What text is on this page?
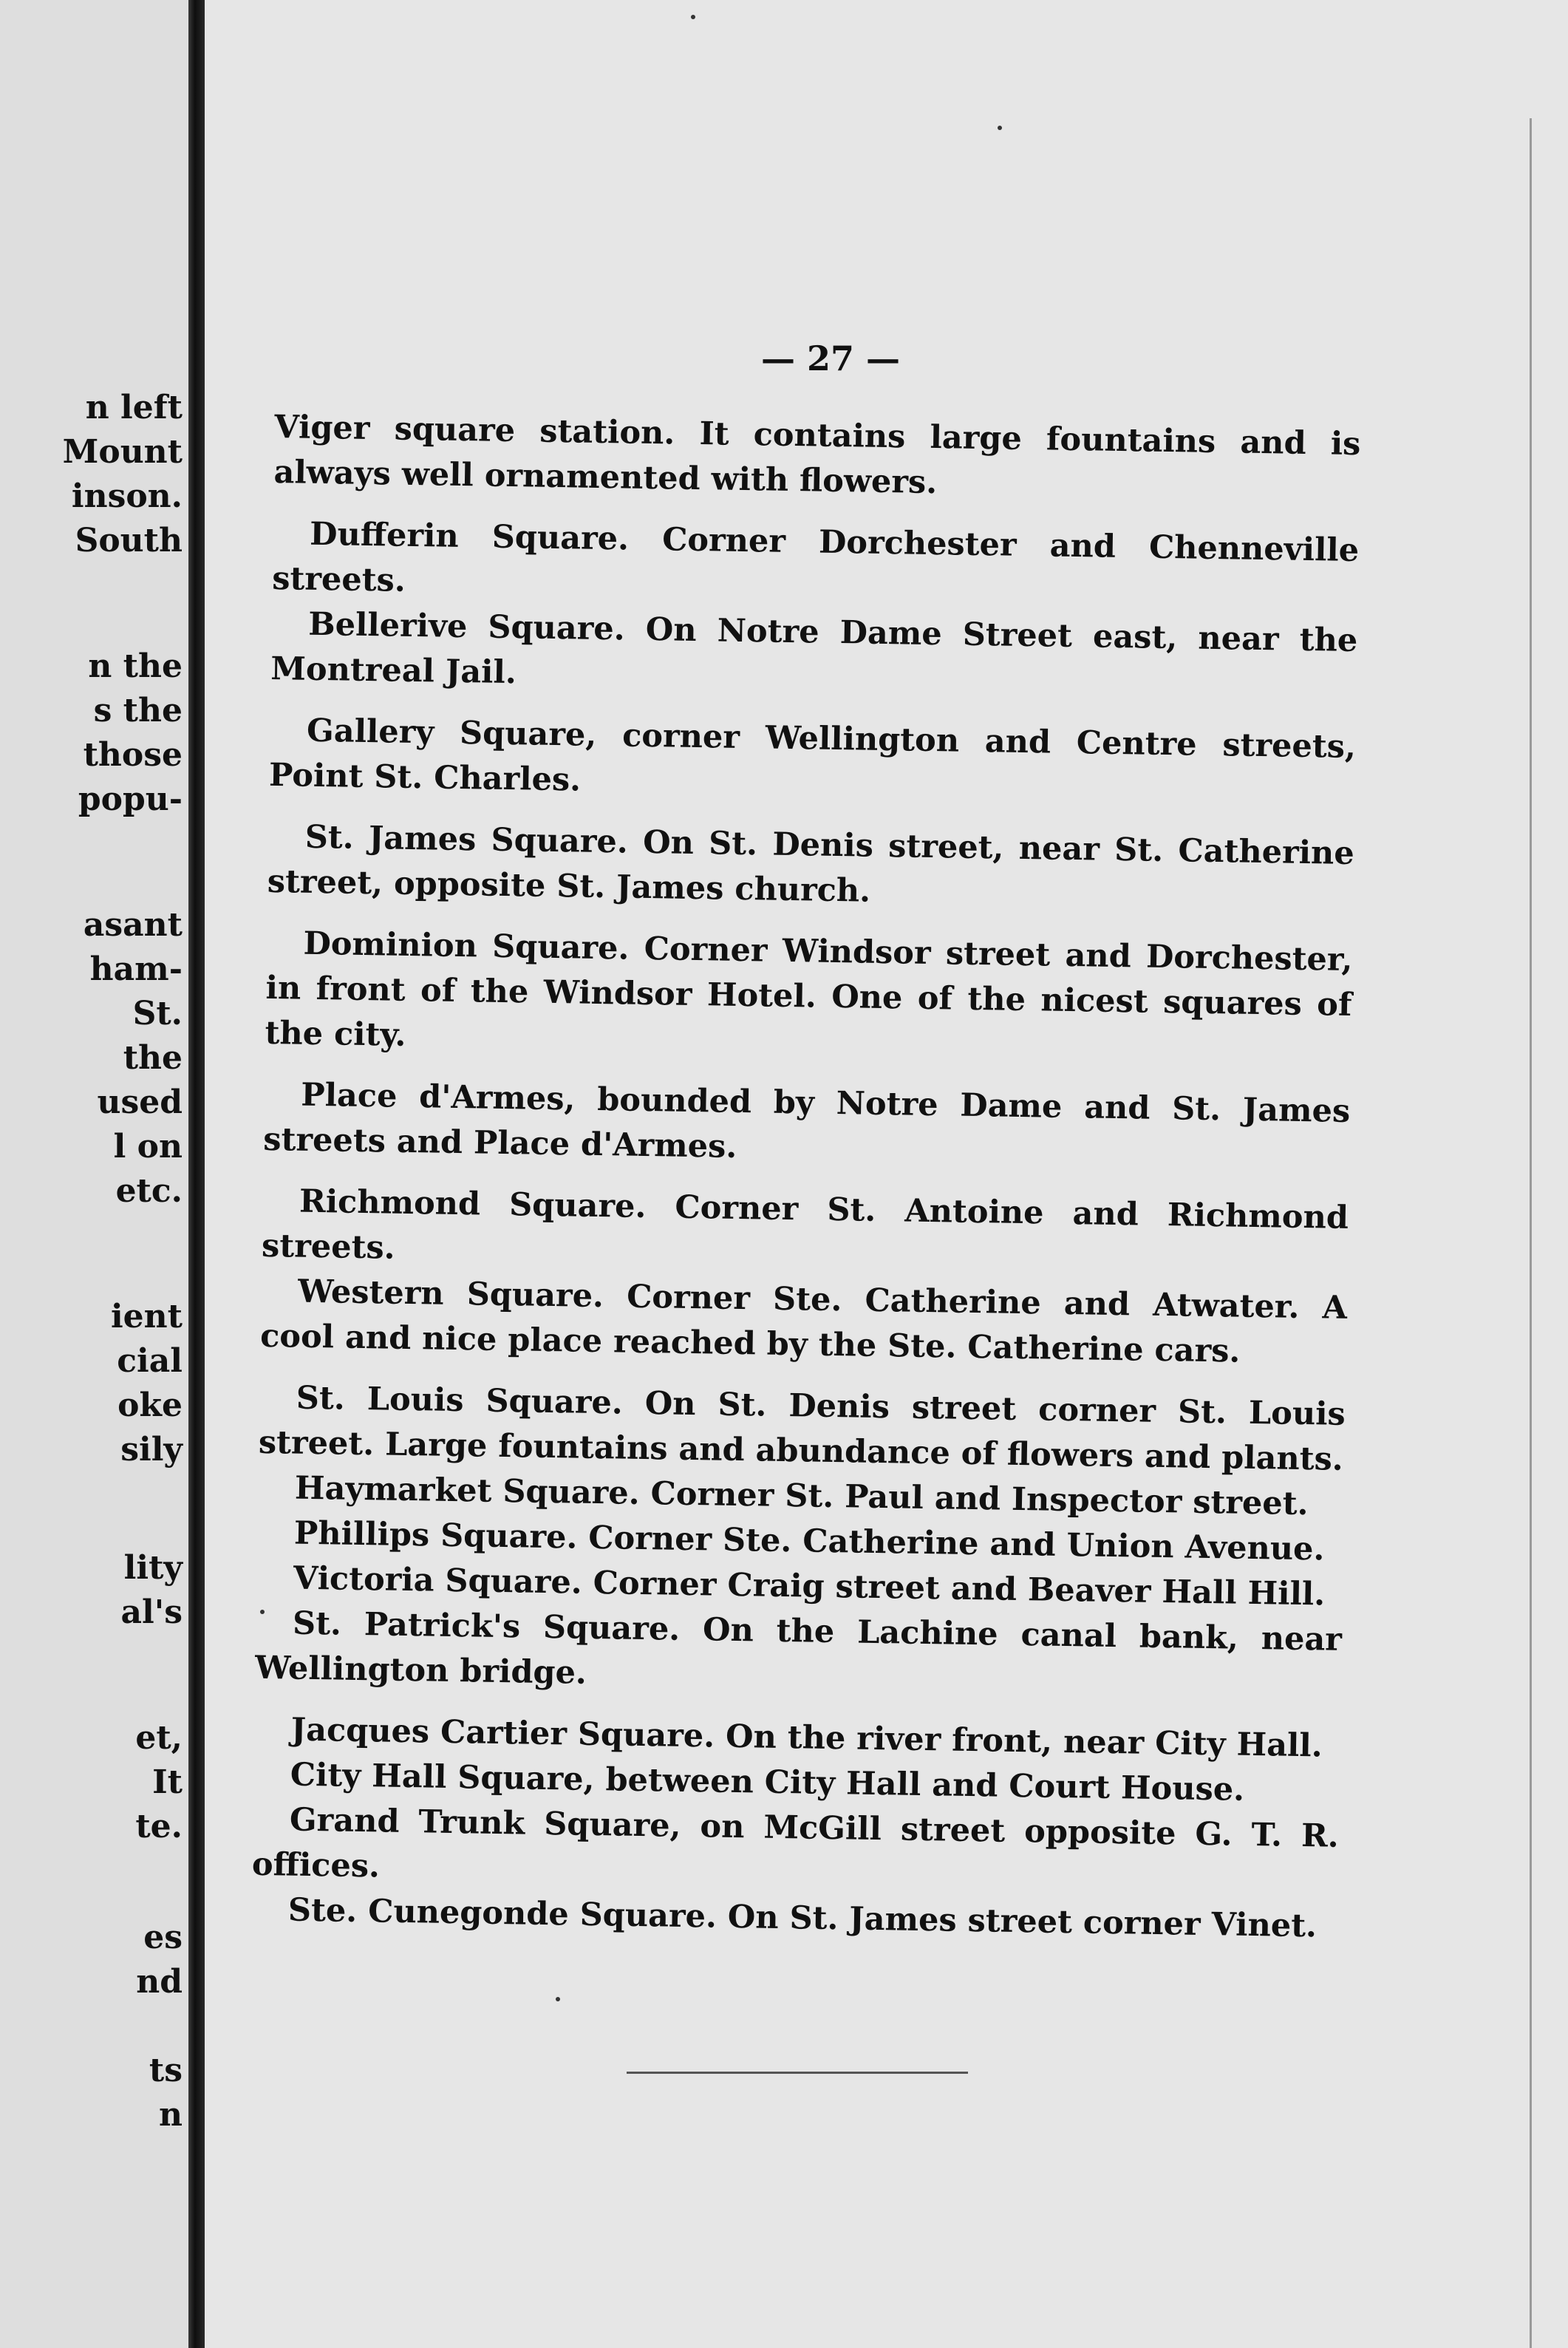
n left
Mount
inson.
South
n the
s the
those
popu-
asant
ham-
St.
the
used
l on
etc.
ient
cial
oke
sily
lity
al's
et,
It
te.
es
nd
ts
n
— 27 —

Viger square station. It contains large fountains and is always well ornamented with flowers.

Dufferin Square. Corner Dorchester and Chenneville streets.

Bellerive Square. On Notre Dame Street east, near the Montreal Jail.

Gallery Square, corner Wellington and Centre streets, Point St. Charles.

St. James Square. On St. Denis street, near St. Catherine street, opposite St. James church.

Dominion Square. Corner Windsor street and Dorchester, in front of the Windsor Hotel. One of the nicest squares of the city.

Place d'Armes, bounded by Notre Dame and St. James streets and Place d'Armes.

Richmond Square. Corner St. Antoine and Richmond streets.

Western Square. Corner Ste. Catherine and Atwater. A cool and nice place reached by the Ste. Catherine cars.

St. Louis Square. On St. Denis street corner St. Louis street. Large fountains and abundance of flowers and plants.

Haymarket Square. Corner St. Paul and Inspector street.

Phillips Square. Corner Ste. Catherine and Union Avenue.

Victoria Square. Corner Craig street and Beaver Hall Hill.

St. Patrick's Square. On the Lachine canal bank, near Wellington bridge.

Jacques Cartier Square. On the river front, near City Hall.

City Hall Square, between City Hall and Court House.

Grand Trunk Square, on McGill street opposite G. T. R. offices.

Ste. Cunegonde Square. On St. James street corner Vinet.
